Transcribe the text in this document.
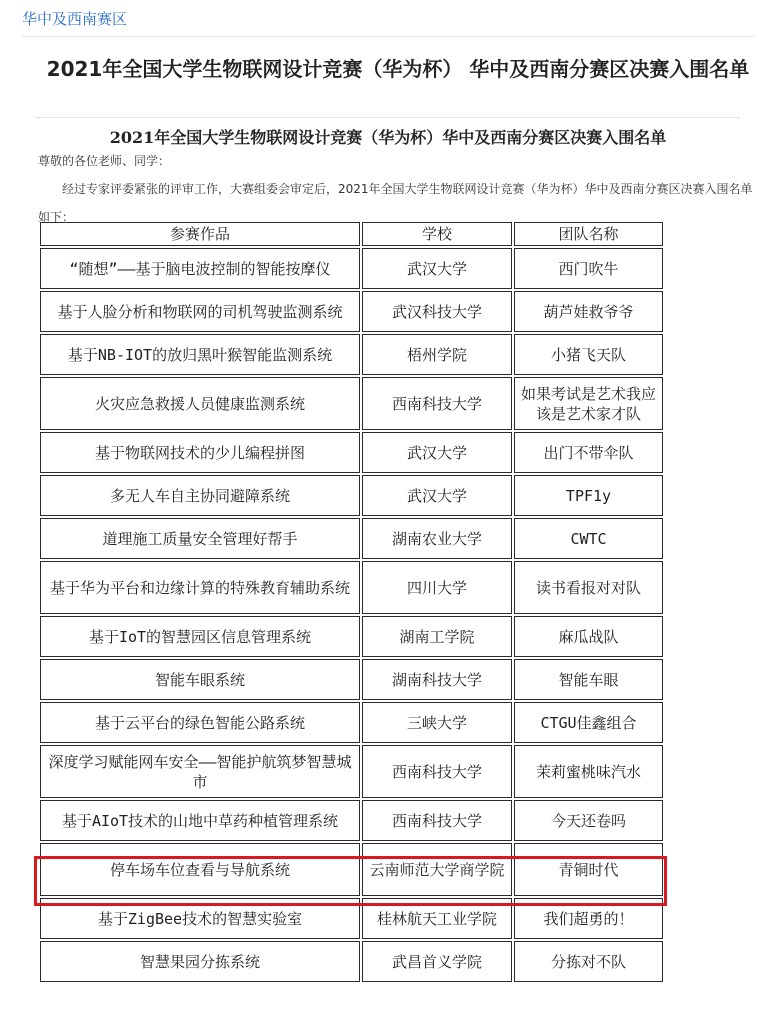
华中及西南赛区
2021年全国大学生物联网设计竞赛（华为杯） 华中及西南分赛区决赛入围名单
2021年全国大学生物联网设计竞赛（华为杯）华中及西南分赛区决赛入围名单
尊敬的各位老师、同学：
经过专家评委紧张的评审工作，大赛组委会审定后，2021年全国大学生物联网设计竞赛（华为杯）华中及西南分赛区决赛入围名单如下：
参赛作品	学校	团队名称
“随想”——基于脑电波控制的智能按摩仪	武汉大学	西门吹牛
基于人脸分析和物联网的司机驾驶监测系统	武汉科技大学	葫芦娃救爷爷
基于NB-IOT的放归黑叶猴智能监测系统	梧州学院	小猪飞天队
火灾应急救援人员健康监测系统	西南科技大学	如果考试是艺术我应该是艺术家才队
基于物联网技术的少儿编程拼图	武汉大学	出门不带伞队
多无人车自主协同避障系统	武汉大学	TPF1y
道理施工质量安全管理好帮手	湖南农业大学	CWTC
基于华为平台和边缘计算的特殊教育辅助系统	四川大学	读书看报对对队
基于IoT的智慧园区信息管理系统	湖南工学院	麻瓜战队
智能车眼系统	湖南科技大学	智能车眼
基于云平台的绿色智能公路系统	三峡大学	CTGU佳鑫组合
深度学习赋能网车安全——智能护航筑梦智慧城市	西南科技大学	茉莉蜜桃味汽水
基于AIoT技术的山地中草药种植管理系统	西南科技大学	今天还卷吗
停车场车位查看与导航系统	云南师范大学商学院	青铜时代
基于ZigBee技术的智慧实验室	桂林航天工业学院	我们超勇的！
智慧果园分拣系统	武昌首义学院	分拣对不队
